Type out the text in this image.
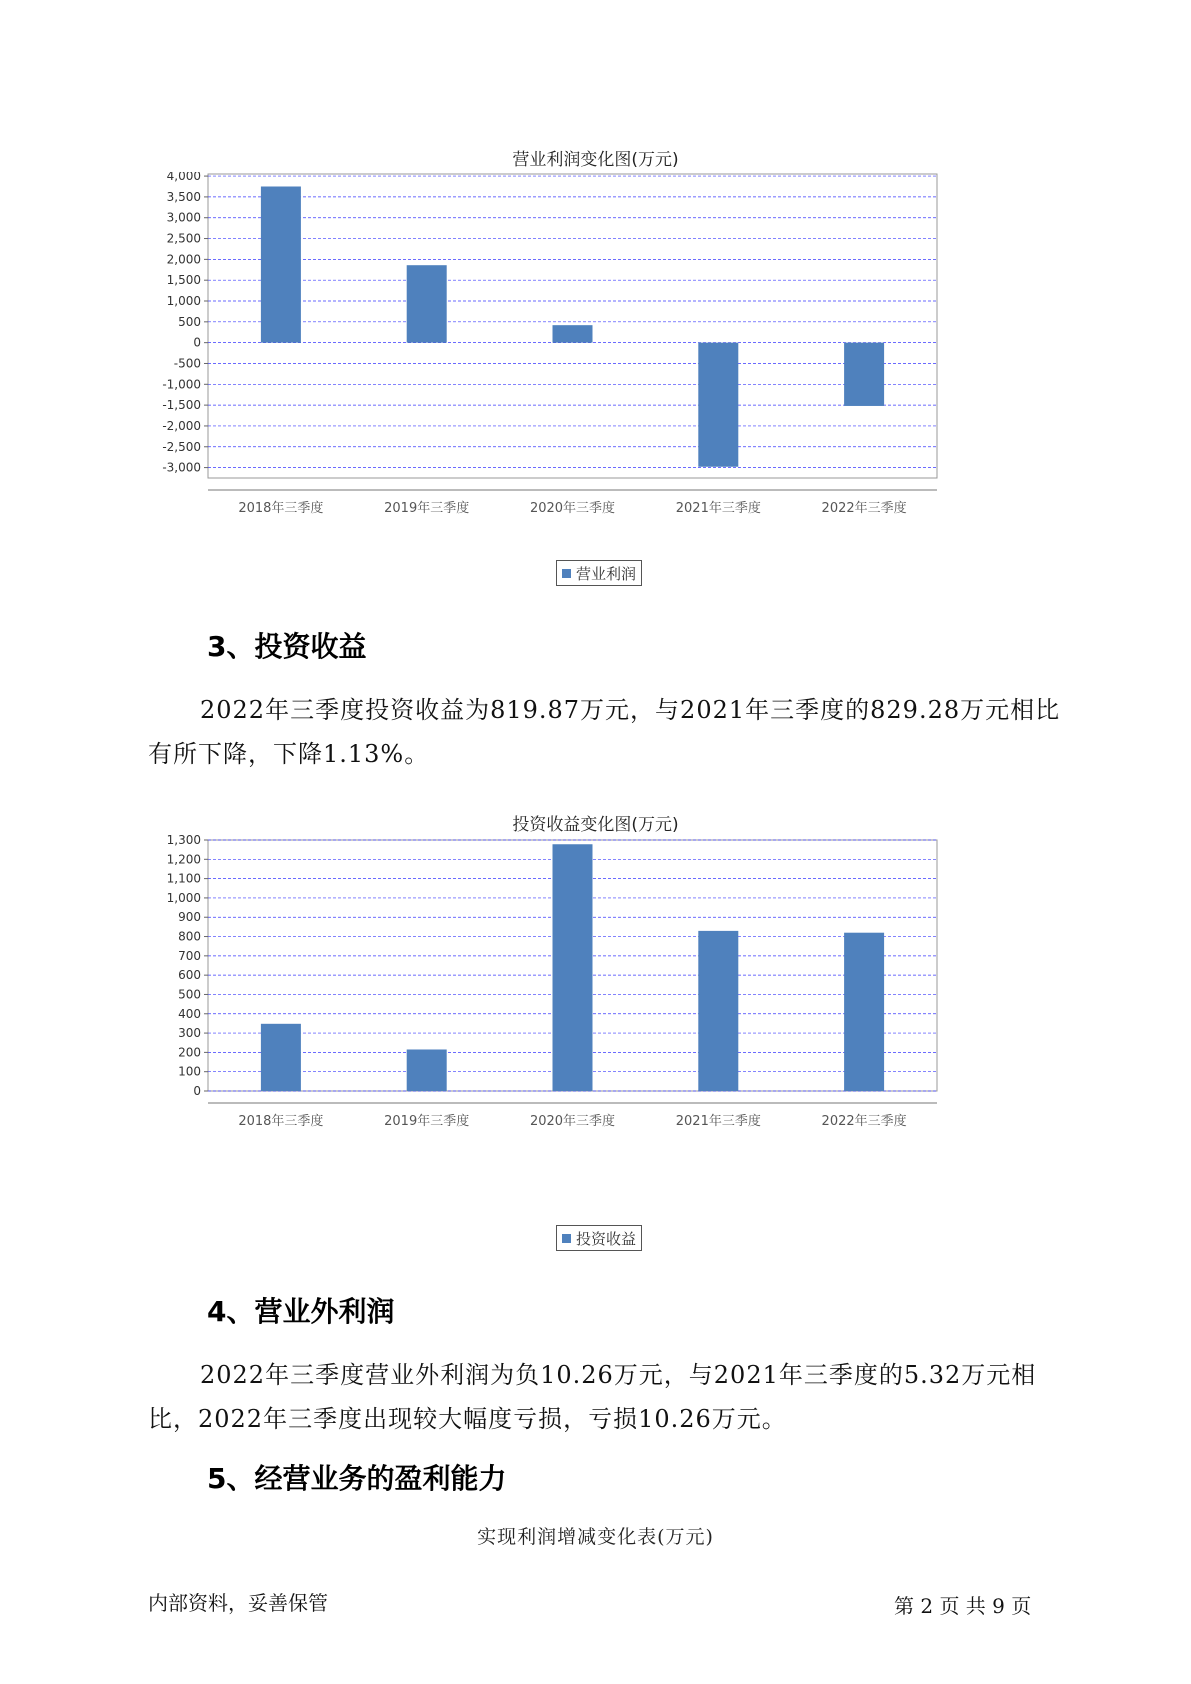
营业利润变化图(万元)
4,000
3,500
3,000
2,500
2,000
1,500
1,000
500
0
-500
-1,000
-1,500
-2,000
-2,500
-3,000
2018年三季度	2019年三季度	2020年三季度	2021年三季度	2022年三季度
营业利润
3、投资收益

2022年三季度投资收益为819.87万元，与2021年三季度的829.28万元相比有所下降，下降1.13%。

投资收益变化图(万元)
1,300
1,200
1,100
1,000
900
800
700
600
500
400
300
200
100
0
2018年三季度	2019年三季度	2020年三季度	2021年三季度	2022年三季度
投资收益
4、营业外利润

2022年三季度营业外利润为负10.26万元，与2021年三季度的5.32万元相比，2022年三季度出现较大幅度亏损，亏损10.26万元。

5、经营业务的盈利能力
实现利润增减变化表(万元)
内部资料，妥善保管	第 2 页 共 9 页
